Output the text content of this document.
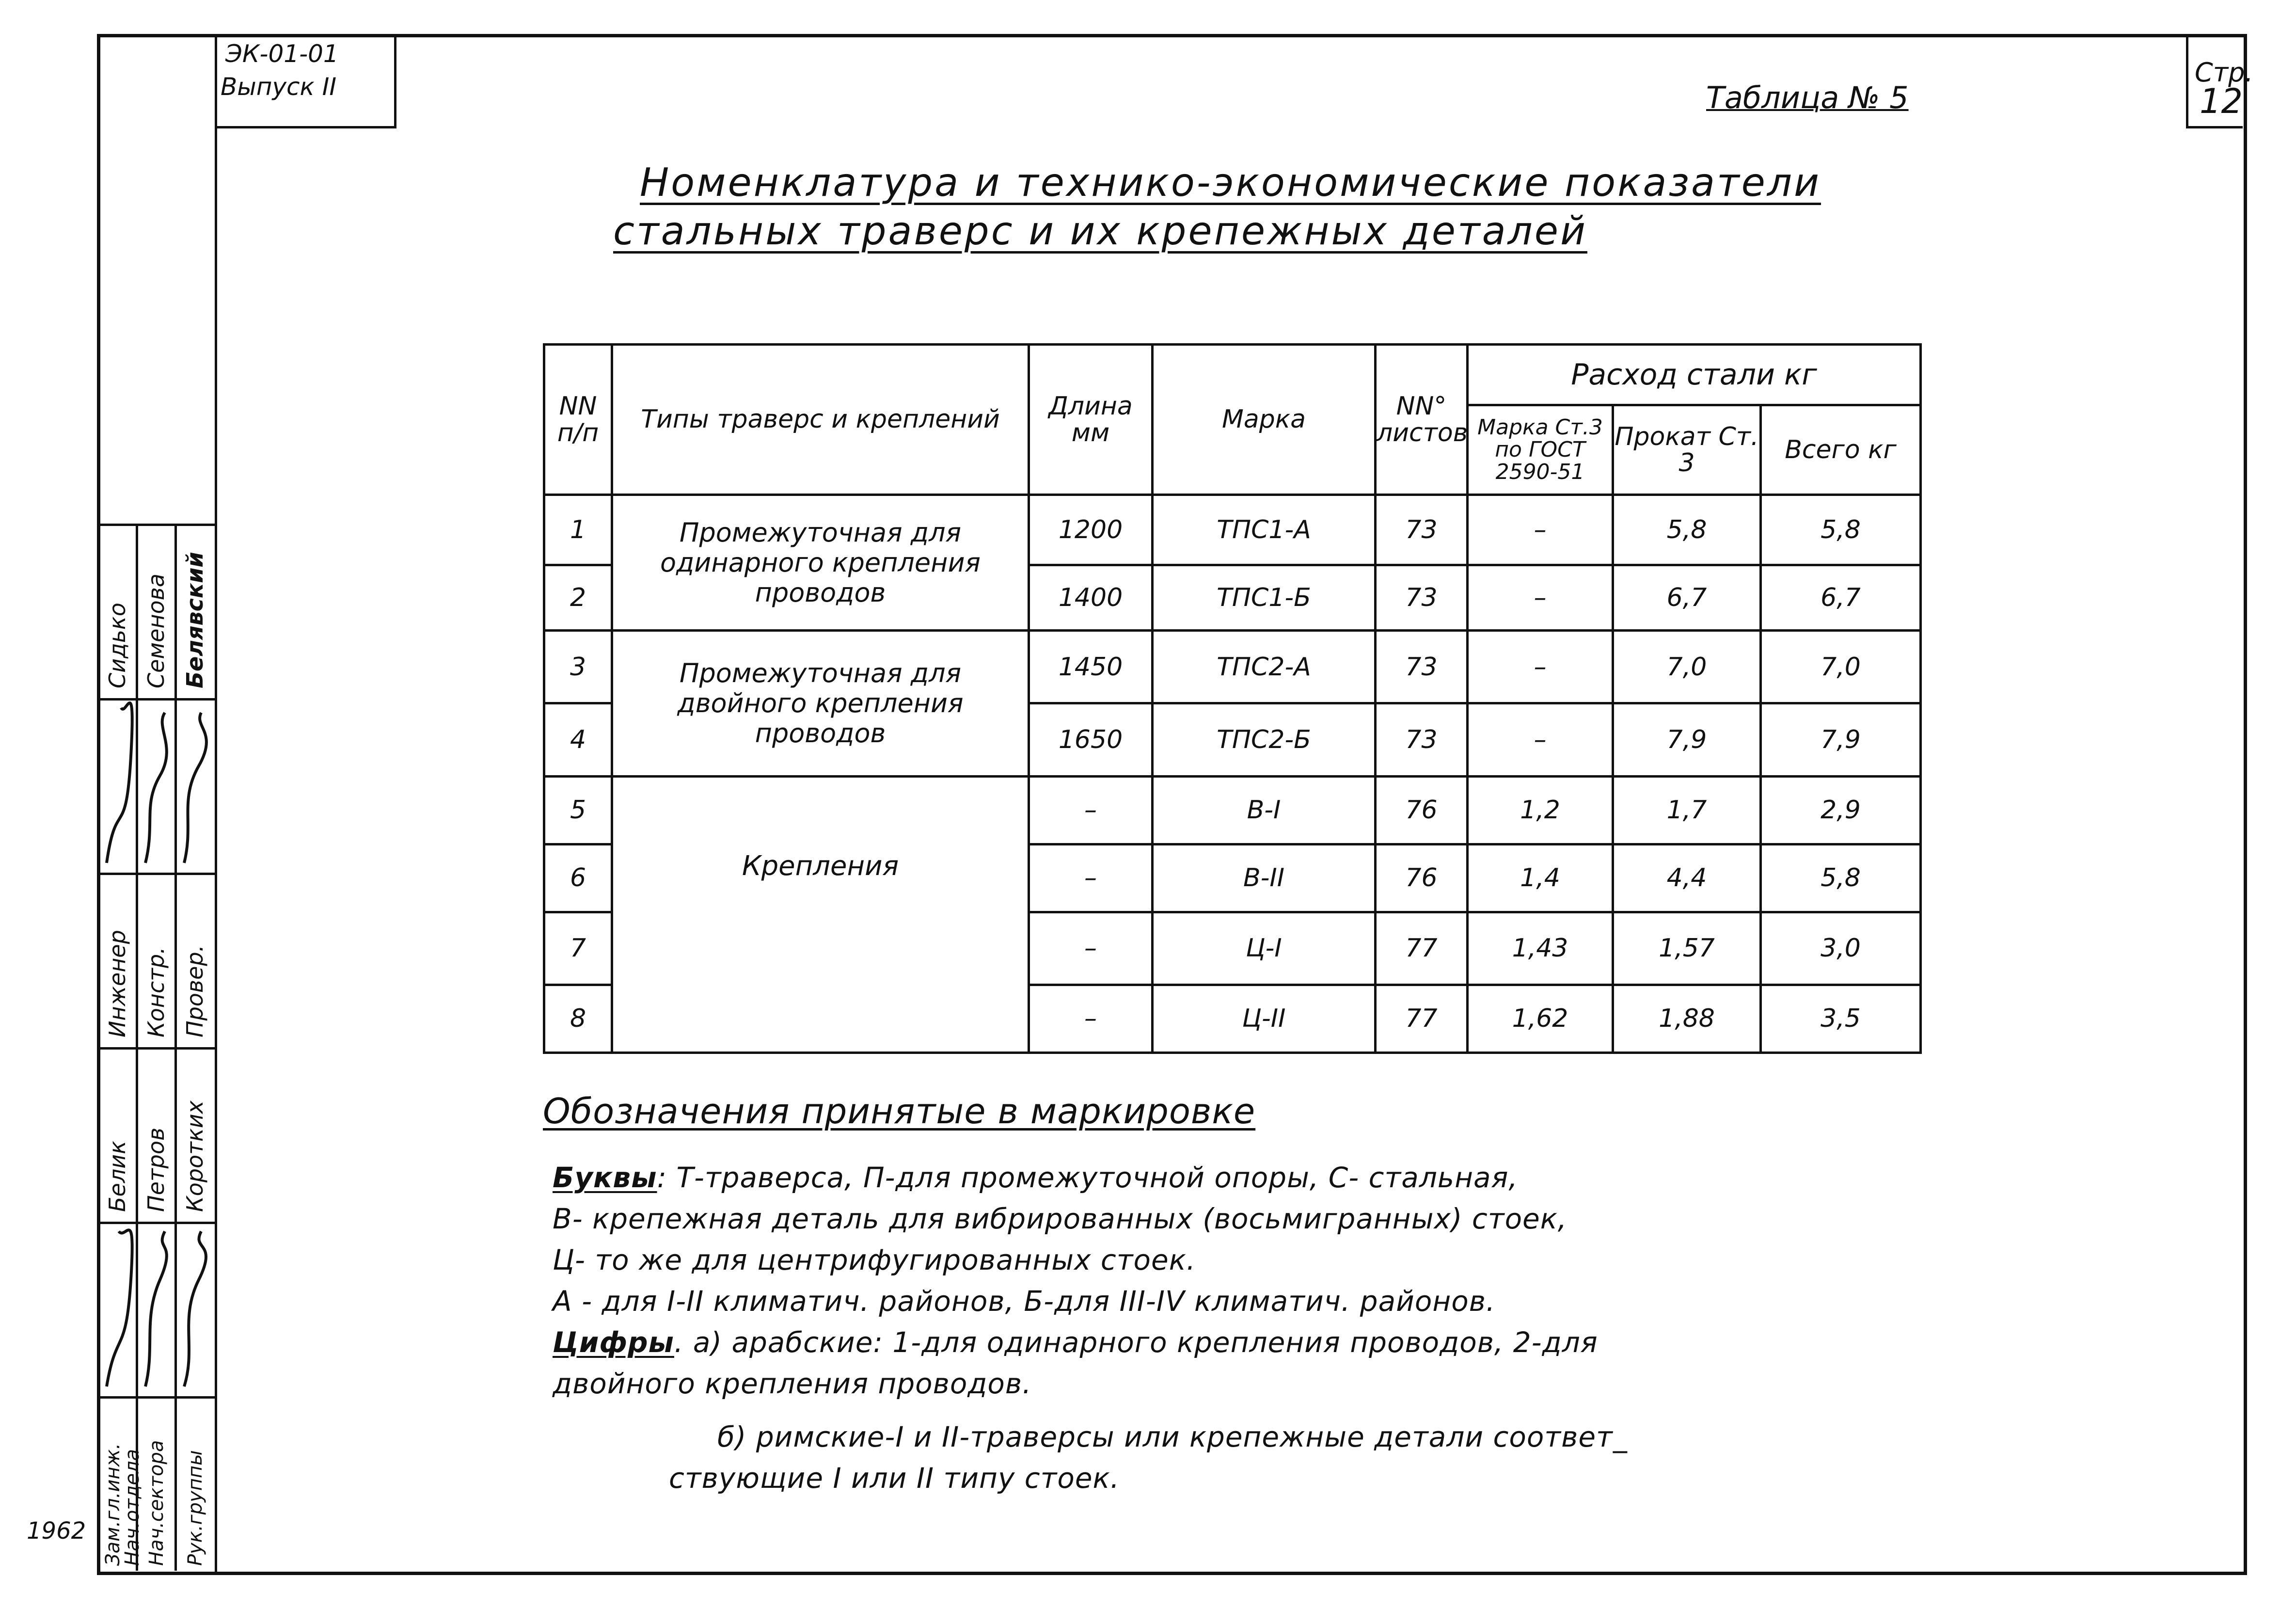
ЭК-01-01
Выпуск II	Стр.
12
Таблица № 5
Номенклатура и технико-экономические показатели
стальных траверс и их крепежных деталей
NN п/п	Типы траверс и креплений	Длина мм	Марка	NN° листов	Расход стали кг		
					Марка Ст.3 по ГОСТ 2590-51	Прокат Ст. 3	Всего кг
1	Промежуточная для одинарного крепления проводов	1200	ТПС1-А	73	–	5,8	5,8
2		1400	ТПС1-Б	73	–	6,7	6,7
3	Промежуточная для двойного крепления проводов	1450	ТПС2-А	73	–	7,0	7,0
4		1650	ТПС2-Б	73	–	7,9	7,9
5	Крепления	–	В-I	76	1,2	1,7	2,9
6		–	В-II	76	1,4	4,4	5,8
7		–	Ц-I	77	1,43	1,57	3,0
8		–	Ц-II	77	1,62	1,88	3,5
Обозначения принятые в маркировке
Буквы: Т-траверса, П-для промежуточной опоры, С- стальная,
В- крепежная деталь для вибрированных (восьмигранных) стоек,
Ц- то же для центрифугированных стоек.
А - для I-II климатич. районов, Б-для III-IV климатич. районов.
Цифры. а) арабские: 1-для одинарного крепления проводов, 2-для
двойного крепления проводов.
б) римские-I и II-траверсы или крепежные детали соответ_
ствующие I или II типу стоек.
1962
Сидько Семенова Белявский
Инженер Констр. Провер.
Белик Петров Коротких
Зам.гл.инж.
Нач.отдела Нач.сектора Рук.группы
